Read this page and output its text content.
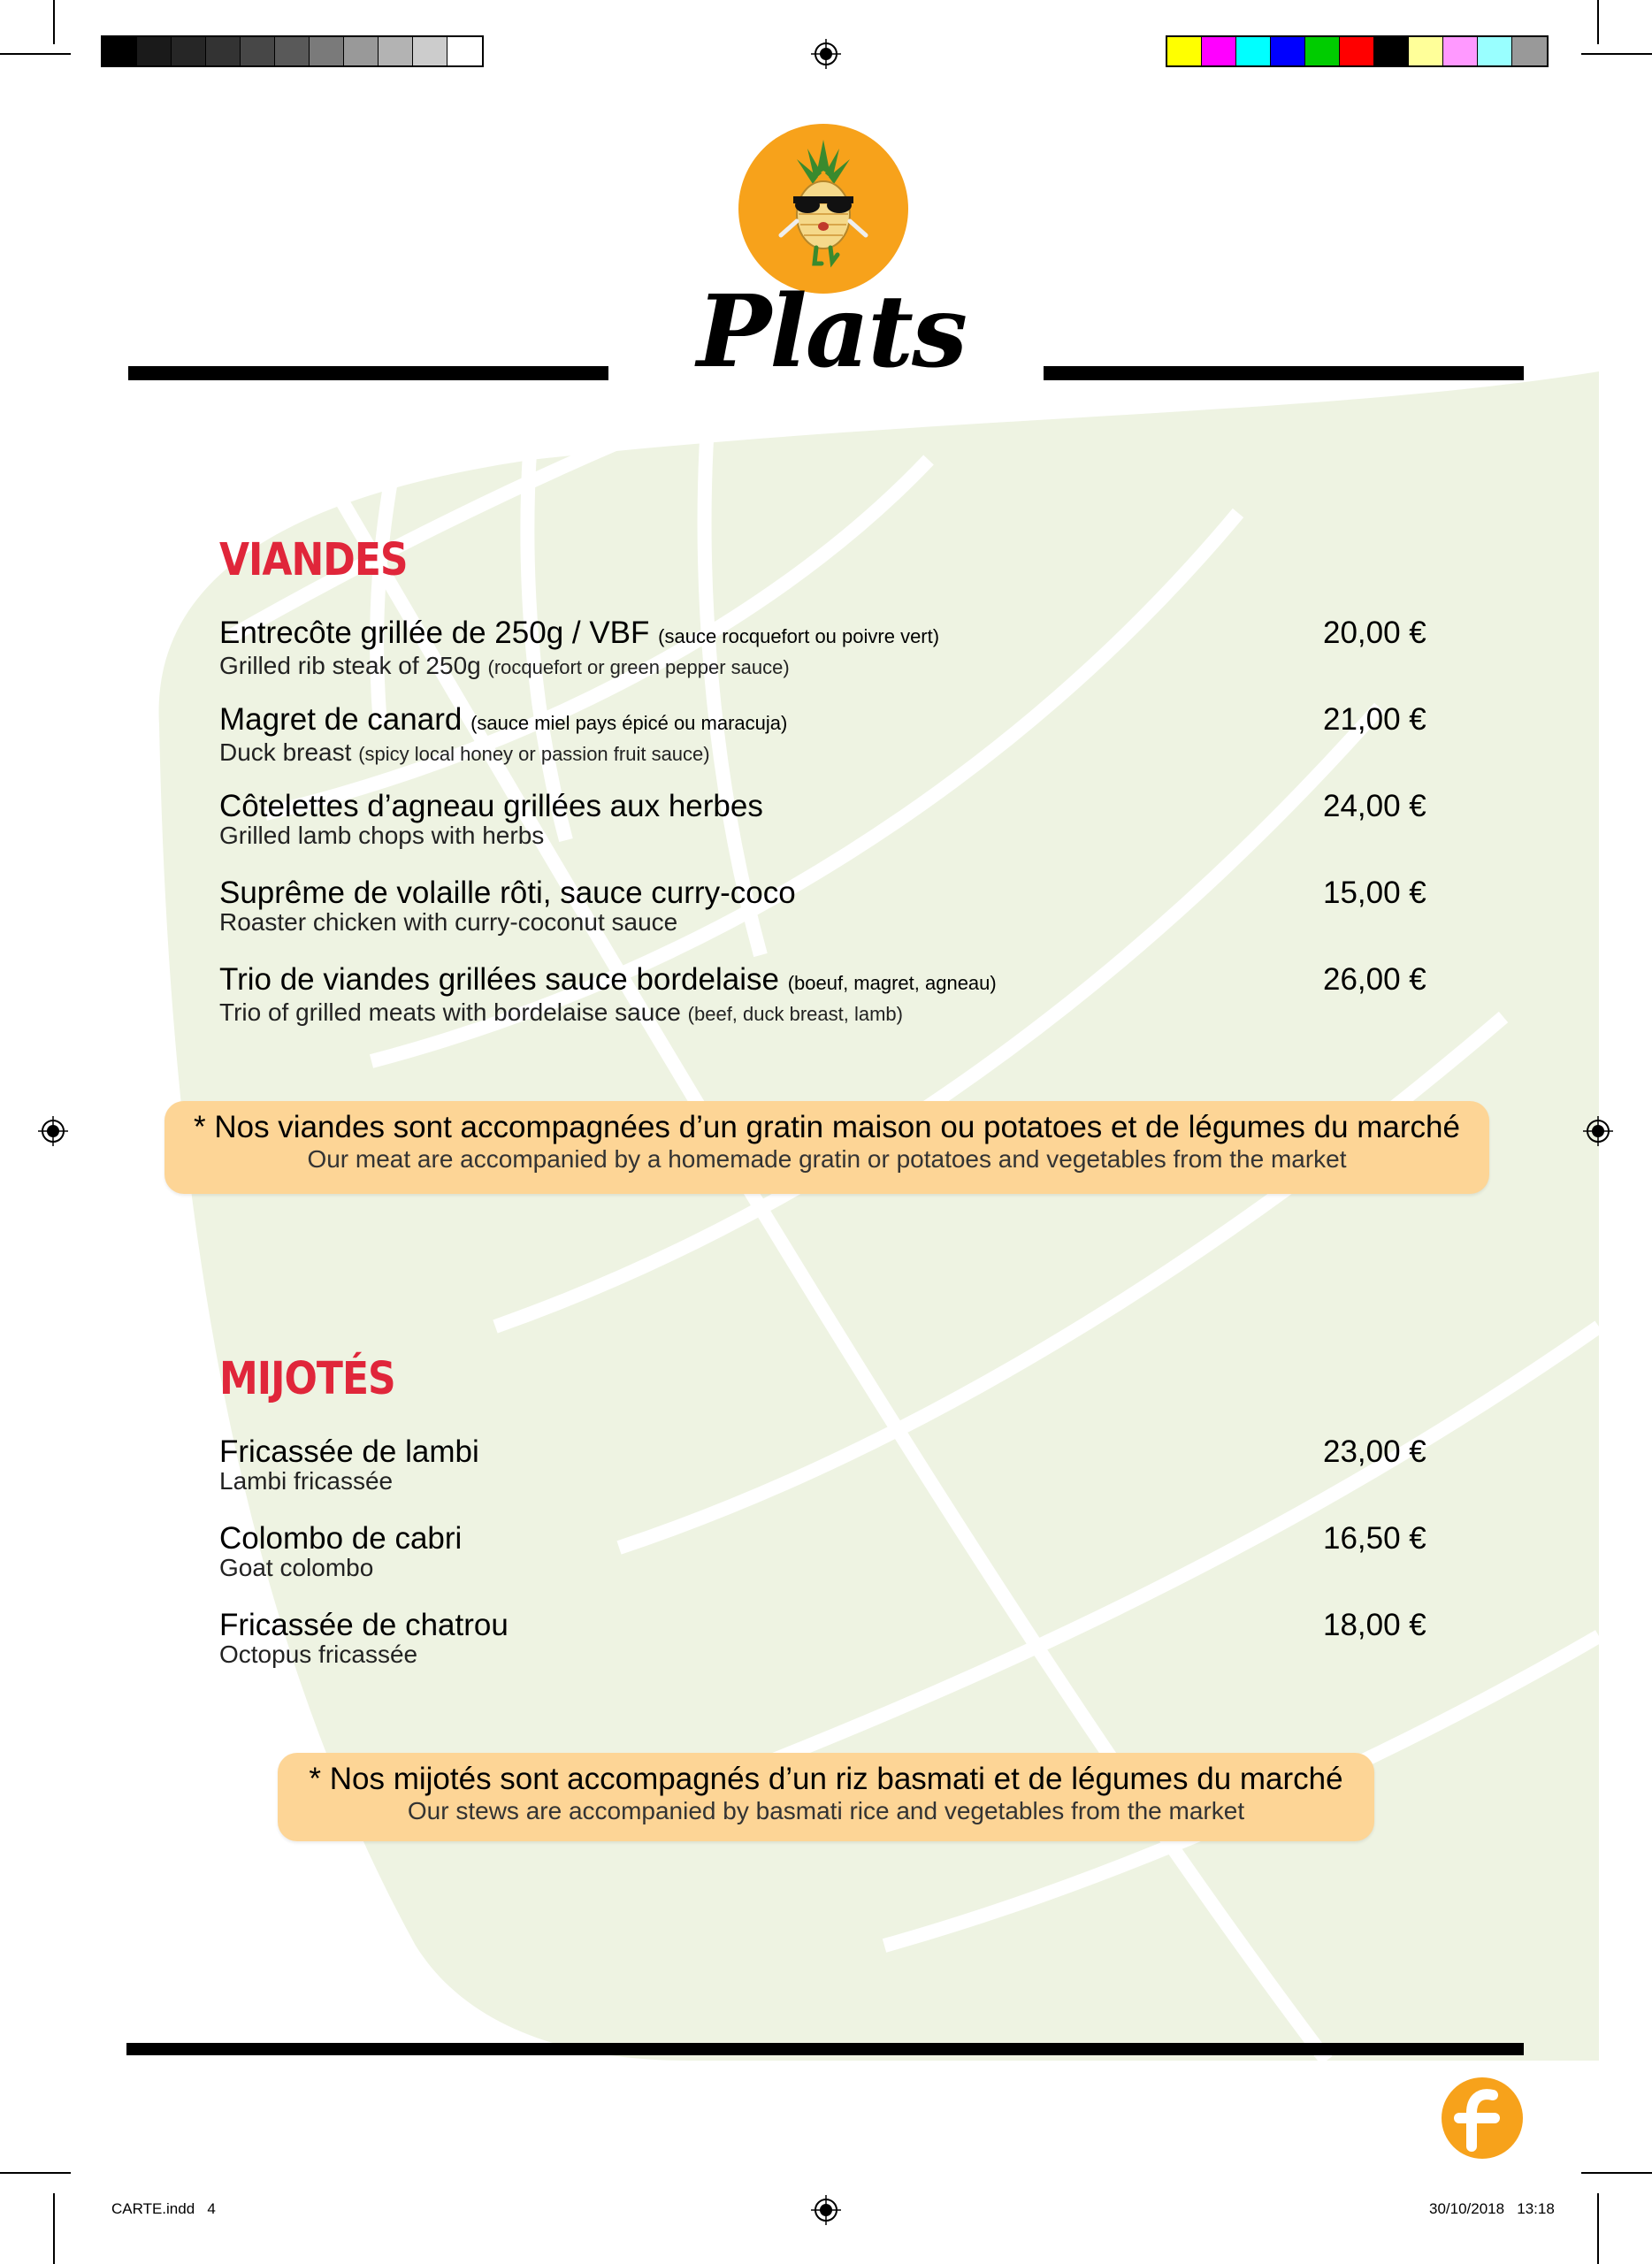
Plats
VIANDES
Entrecôte grillée de 250g / VBF (sauce rocquefort ou poivre vert)
Grilled rib steak of 250g (rocquefort or green pepper sauce)
20,00 €
Magret de canard (sauce miel pays épicé ou maracuja)
Duck breast (spicy local honey or passion fruit sauce)
21,00 €
Côtelettes d’agneau grillées aux herbes
Grilled lamb chops with herbs
24,00 €
Suprême de volaille rôti, sauce curry-coco
Roaster chicken with curry-coconut sauce
15,00 €
Trio de viandes grillées sauce bordelaise (boeuf, magret, agneau)
Trio of grilled meats with bordelaise sauce (beef, duck breast, lamb)
26,00 €
* Nos viandes sont accompagnées d’un gratin maison ou potatoes et de légumes du marché
Our meat are accompanied by a homemade gratin or potatoes and vegetables from the market
MIJOTÉS
Fricassée de lambi
Lambi fricassée
23,00 €
Colombo de cabri
Goat colombo
16,50 €
Fricassée de chatrou
Octopus fricassée
18,00 €
* Nos mijotés sont accompagnés d’un riz basmati et de légumes du marché
Our stews are accompanied by basmati rice and vegetables from the market
CARTE.indd   4	30/10/2018   13:18
